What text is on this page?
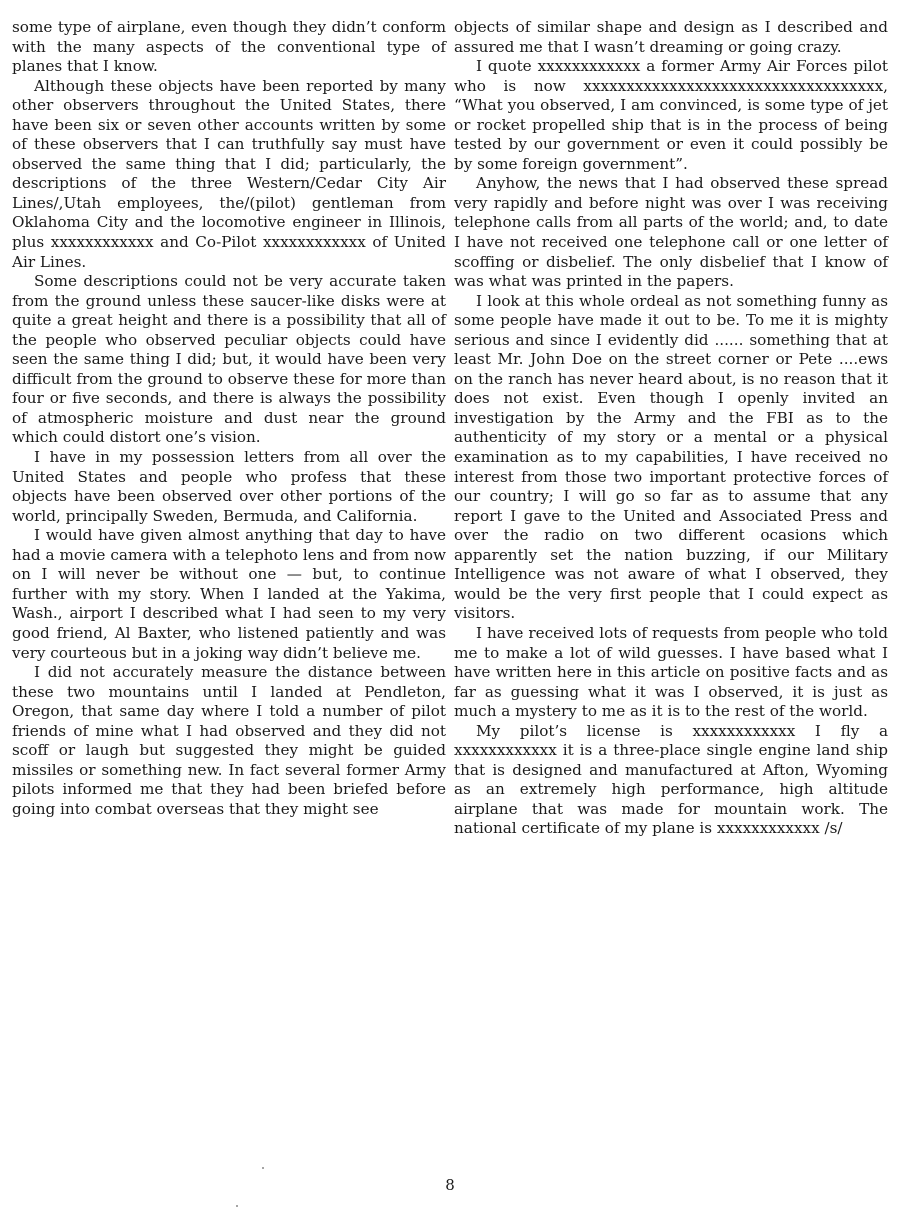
some type of airplane, even though they didn’t conform with the many aspects of the conventional type of planes that I know.

Although these objects have been reported by many other observers throughout the United States, there have been six or seven other accounts written by some of these observers that I can truthfully say must have observed the same thing that I did; particularly, the descriptions of the three Western/Cedar City Air Lines/,Utah employees, the/(pilot) gentleman from Oklahoma City and the locomotive engineer in Illinois, plus xxxxxxxxxxxx and Co-Pilot xxxxxxxxxxxx of United Air Lines.

Some descriptions could not be very accurate taken from the ground unless these saucer-like disks were at quite a great height and there is a possibility that all of the people who observed peculiar objects could have seen the same thing I did; but, it would have been very difficult from the ground to observe these for more than four or five seconds, and there is always the possibility of atmospheric moisture and dust near the ground which could distort one’s vision.

I have in my possession letters from all over the United States and people who profess that these objects have been observed over other portions of the world, principally Sweden, Bermuda, and California.

I would have given almost anything that day to have had a movie camera with a telephoto lens and from now on I will never be without one — but, to continue further with my story. When I landed at the Yakima, Wash., airport I described what I had seen to my very good friend, Al Baxter, who listened patiently and was very courteous but in a joking way didn’t believe me.

I did not accurately measure the distance between these two mountains until I landed at Pendleton, Oregon, that same day where I told a number of pilot friends of mine what I had observed and they did not scoff or laugh but suggested they might be guided missiles or something new. In fact several former Army pilots informed me that they had been briefed before going into combat overseas that they might see

objects of similar shape and design as I described and assured me that I wasn’t dreaming or going crazy.

I quote xxxxxxxxxxxx a former Army Air Forces pilot who is now xxxxxxxxxxxxxxxxxxxxxxxxxxxxxxxxxxx, “What you observed, I am convinced, is some type of jet or rocket propelled ship that is in the process of being tested by our government or even it could possibly be by some foreign government”.

Anyhow, the news that I had observed these spread very rapidly and before night was over I was receiving telephone calls from all parts of the world; and, to date I have not received one telephone call or one letter of scoffing or disbelief. The only disbelief that I know of was what was printed in the papers.

I look at this whole ordeal as not something funny as some people have made it out to be. To me it is mighty serious and since I evidently did ...... something that at least Mr. John Doe on the street corner or Pete ....ews on the ranch has never heard about, is no reason that it does not exist. Even though I openly invited an investigation by the Army and the FBI as to the authenticity of my story or a mental or a physical examination as to my capabilities, I have received no interest from those two important protective forces of our country; I will go so far as to assume that any report I gave to the United and Associated Press and over the radio on two different ocasions which apparently set the nation buzzing, if our Military Intelligence was not aware of what I observed, they would be the very first people that I could expect as visitors.

I have received lots of requests from people who told me to make a lot of wild guesses. I have based what I have written here in this article on positive facts and as far as guessing what it was I observed, it is just as much a mystery to me as it is to the rest of the world.

My pilot’s license is xxxxxxxxxxxx I fly a xxxxxxxxxxxx it is a three-place single engine land ship that is designed and manufactured at Afton, Wyoming as an extremely high performance, high altitude airplane that was made for mountain work. The national certificate of my plane is xxxxxxxxxxxx /s/

8
